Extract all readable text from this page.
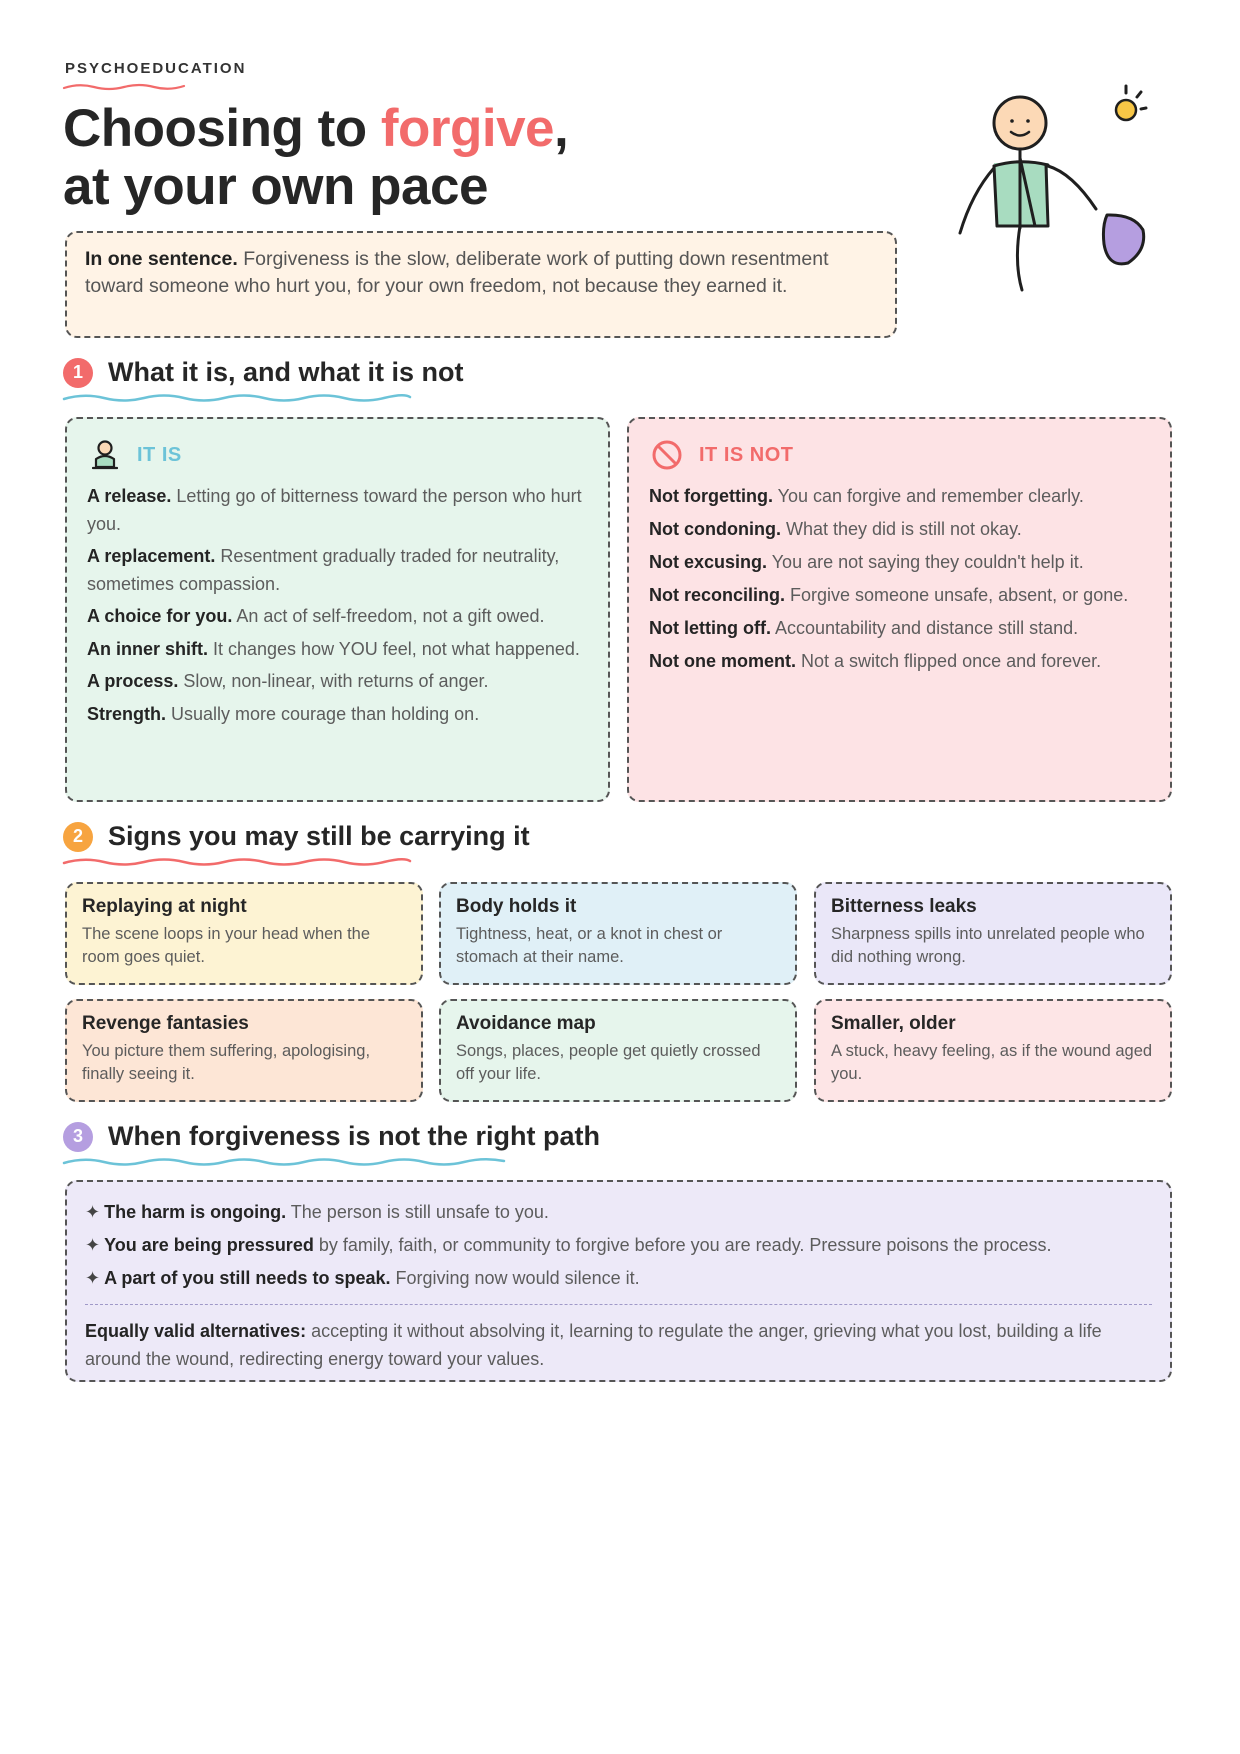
PSYCHOEDUCATION
Choosing to forgive,
at your own pace
In one sentence. Forgiveness is the slow, deliberate work of putting down resentment toward someone who hurt you, for your own freedom, not because they earned it.
1 What it is, and what it is not
IT IS
A release. Letting go of bitterness toward the person who hurt you.
A replacement. Resentment gradually traded for neutrality, sometimes compassion.
A choice for you. An act of self-freedom, not a gift owed.
An inner shift. It changes how YOU feel, not what happened.
A process. Slow, non-linear, with returns of anger.
Strength. Usually more courage than holding on.
IT IS NOT
Not forgetting. You can forgive and remember clearly.
Not condoning. What they did is still not okay.
Not excusing. You are not saying they couldn't help it.
Not reconciling. Forgive someone unsafe, absent, or gone.
Not letting off. Accountability and distance still stand.
Not one moment. Not a switch flipped once and forever.
2 Signs you may still be carrying it
Replaying at night
The scene loops in your head when the room goes quiet.
Body holds it
Tightness, heat, or a knot in chest or stomach at their name.
Bitterness leaks
Sharpness spills into unrelated people who did nothing wrong.
Revenge fantasies
You picture them suffering, apologising, finally seeing it.
Avoidance map
Songs, places, people get quietly crossed off your life.
Smaller, older
A stuck, heavy feeling, as if the wound aged you.
3 When forgiveness is not the right path
✦ The harm is ongoing. The person is still unsafe to you.
✦ You are being pressured by family, faith, or community to forgive before you are ready. Pressure poisons the process.
✦ A part of you still needs to speak. Forgiving now would silence it.
Equally valid alternatives: accepting it without absolving it, learning to regulate the anger, grieving what you lost, building a life around the wound, redirecting energy toward your values.
